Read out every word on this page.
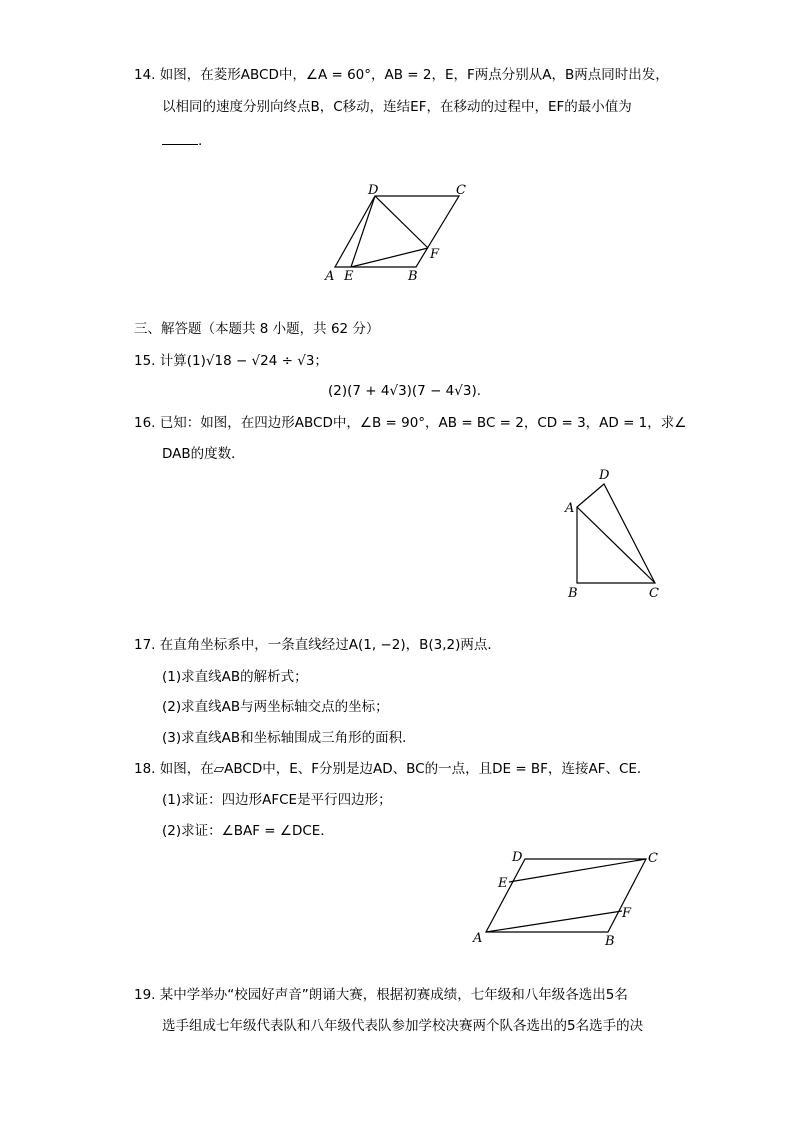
14. 如图，在菱形ABCD中，∠A = 60°，AB = 2，E，F两点分别从A，B两点同时出发，
以相同的速度分别向终点B，C移动，连结EF，在移动的过程中，EF的最小值为
.
A E	B
F
C
D
三、解答题（本题共 8 小题，共 62 分）
15. 计算(1)√18 − √24 ÷ √3；
(2)(7 + 4√3)(7 − 4√3).
16. 已知：如图，在四边形ABCD中，∠B = 90°，AB = BC = 2，CD = 3，AD = 1，求∠
DAB的度数．
A
B	C
D
17. 在直角坐标系中，一条直线经过A(1, −2)，B(3,2)两点．
(1)求直线AB的解析式；
(2)求直线AB与两坐标轴交点的坐标；
(3)求直线AB和坐标轴围成三角形的面积．
18. 如图，在▱ABCD中，E、F分别是边AD、BC的一点，且DE = BF，连接AF、CE．
(1)求证：四边形AFCE是平行四边形；
(2)求证：∠BAF = ∠DCE．
A	B
C
D
E
F
19. 某中学举办“校园好声音”朗诵大赛，根据初赛成绩，七年级和八年级各选出5名
选手组成七年级代表队和八年级代表队参加学校决赛两个队各选出的5名选手的决
